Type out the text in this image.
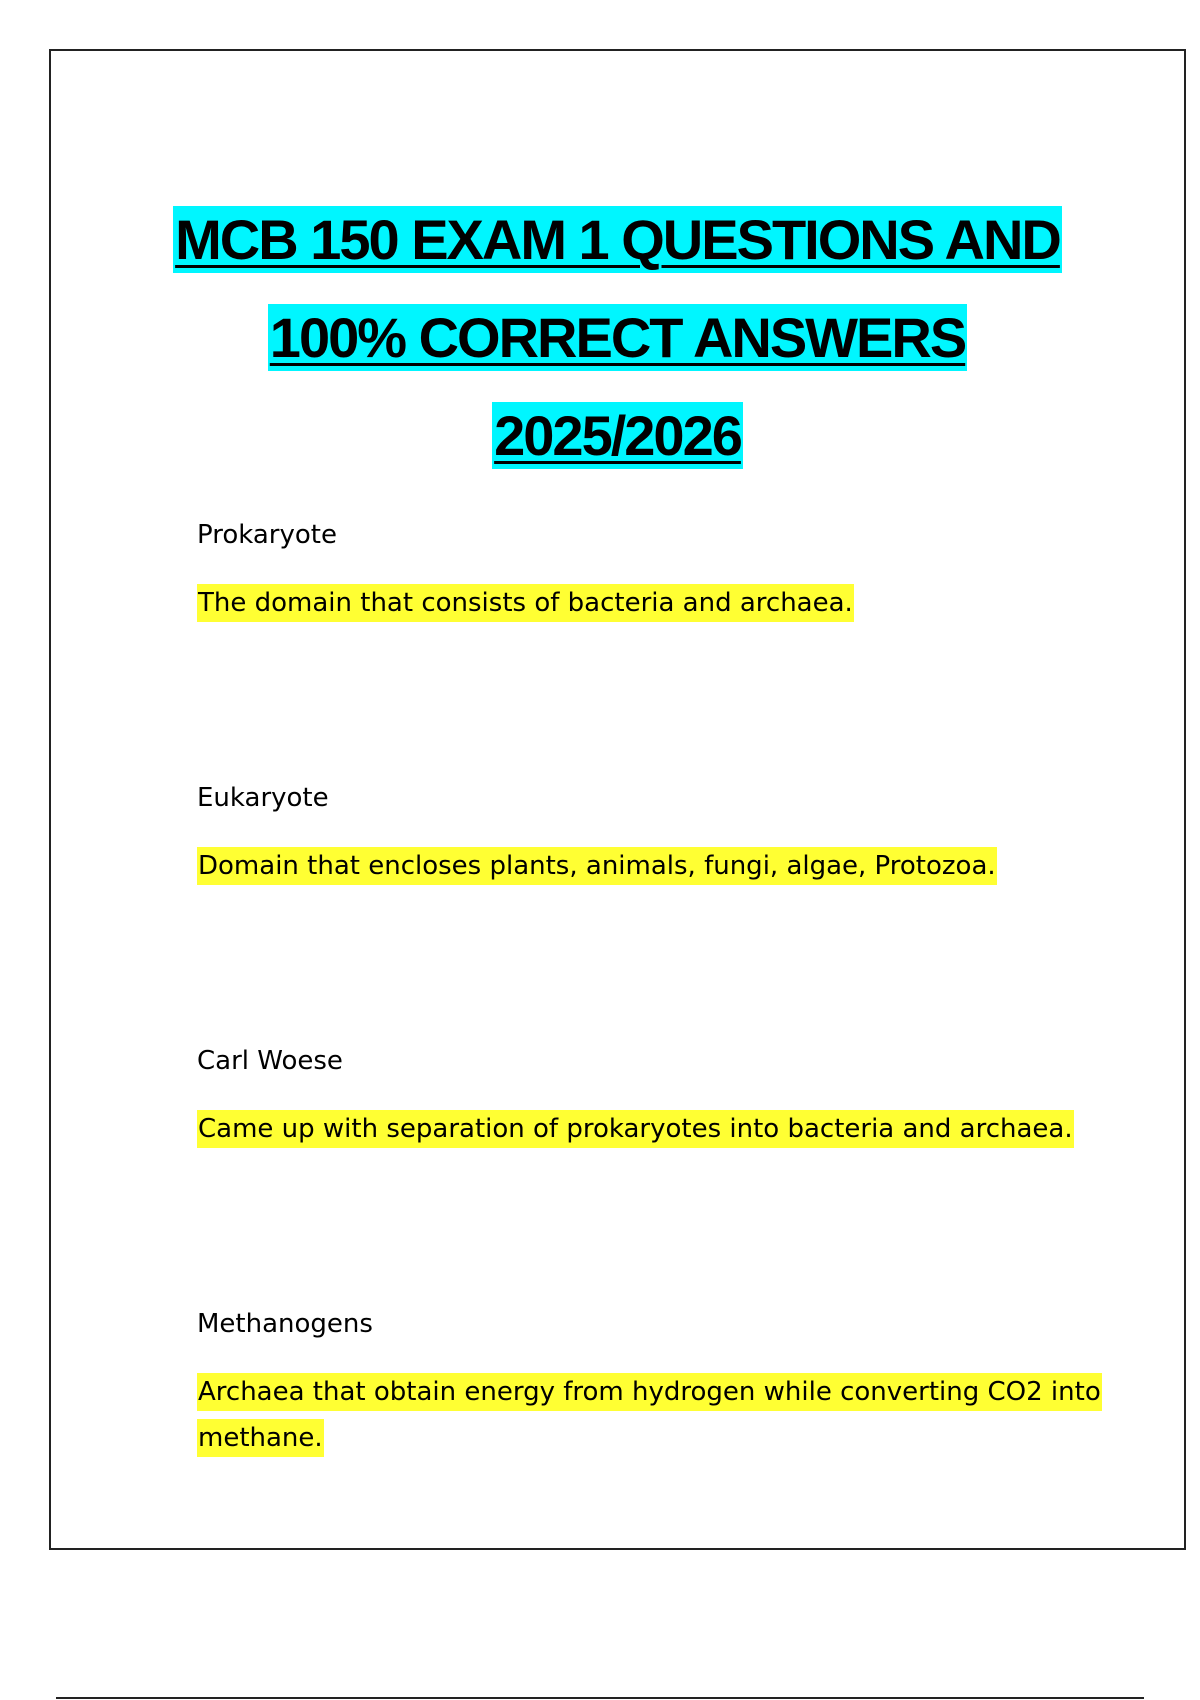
MCB 150 EXAM 1 QUESTIONS AND
100% CORRECT ANSWERS
2025/2026

Prokaryote

The domain that consists of bacteria and archaea.

Eukaryote

Domain that encloses plants, animals, fungi, algae, Protozoa.

Carl Woese

Came up with separation of prokaryotes into bacteria and archaea.

Methanogens

Archaea that obtain energy from hydrogen while converting CO2 into methane.
